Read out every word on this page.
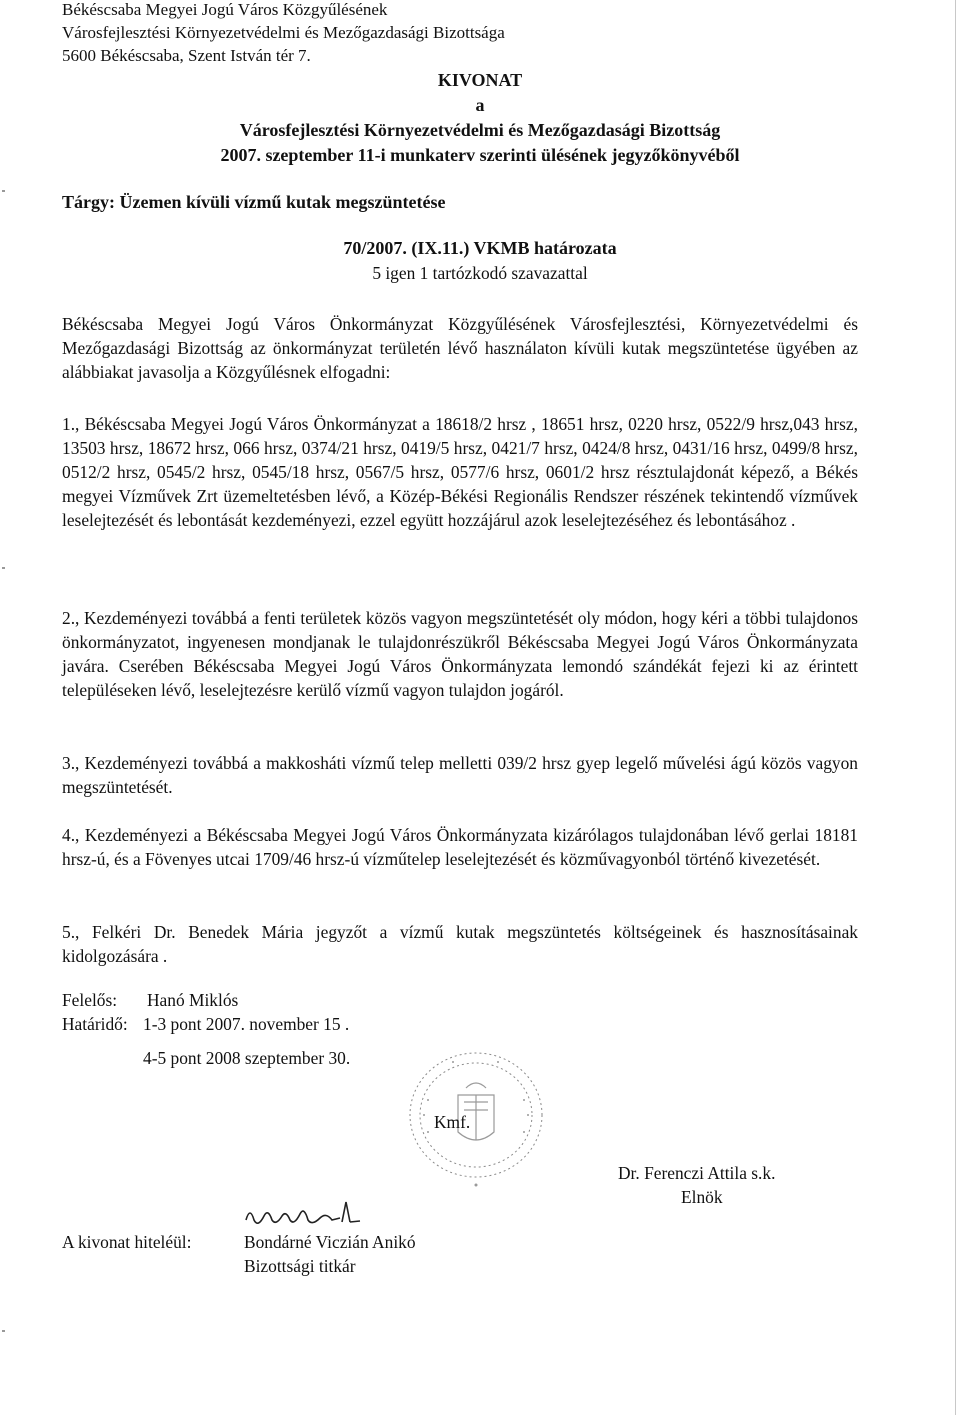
Békéscsaba Megyei Jogú Város Közgyűlésének
Városfejlesztési Környezetvédelmi és Mezőgazdasági Bizottsága
5600 Békéscsaba, Szent István tér 7.
KIVONAT
a
Városfejlesztési Környezetvédelmi és Mezőgazdasági Bizottság
2007. szeptember 11-i munkaterv szerinti ülésének jegyzőkönyvéből
Tárgy: Üzemen kívüli vízmű kutak megszüntetése
70/2007. (IX.11.) VKMB határozata
5 igen 1 tartózkodó szavazattal
Békéscsaba Megyei Jogú Város Önkormányzat Közgyűlésének Városfejlesztési, Környezetvédelmi és Mezőgazdasági Bizottság az önkormányzat területén lévő használaton kívüli kutak megszüntetése ügyében az alábbiakat javasolja a Közgyűlésnek elfogadni:
1., Békéscsaba Megyei Jogú Város Önkormányzat a 18618/2 hrsz , 18651 hrsz, 0220 hrsz, 0522/9 hrsz,043 hrsz, 13503 hrsz, 18672 hrsz, 066 hrsz, 0374/21 hrsz, 0419/5 hrsz, 0421/7 hrsz, 0424/8 hrsz, 0431/16 hrsz, 0499/8 hrsz, 0512/2 hrsz, 0545/2 hrsz, 0545/18 hrsz, 0567/5 hrsz, 0577/6 hrsz, 0601/2 hrsz résztulajdonát képező, a Békés megyei Vízművek Zrt üzemeltetésben lévő, a Közép-Békési Regionális Rendszer részének tekintendő vízművek leselejtezését és lebontását kezdeményezi, ezzel együtt hozzájárul azok leselejtezéséhez és lebontásához .
2., Kezdeményezi továbbá a fenti területek közös vagyon megszüntetését oly módon, hogy kéri a többi tulajdonos önkormányzatot, ingyenesen mondjanak le tulajdonrészükről Békéscsaba Megyei Jogú Város Önkormányzata javára. Cserében Békéscsaba Megyei Jogú Város Önkormányzata lemondó szándékát fejezi ki az érintett településeken lévő, leselejtezésre kerülő vízmű vagyon tulajdon jogáról.
3., Kezdeményezi továbbá a makkosháti vízmű telep melletti 039/2 hrsz gyep legelő művelési ágú közös vagyon megszüntetését.
4., Kezdeményezi a Békéscsaba Megyei Jogú Város Önkormányzata kizárólagos tulajdonában lévő gerlai 18181 hrsz-ú, és a Fövenyes utcai 1709/46 hrsz-ú vízműtelep leselejtezését és közművagyonból történő kivezetését.
5., Felkéri Dr. Benedek Mária jegyzőt a vízmű kutak megszüntetés költségeinek és hasznosításainak kidolgozására .
Felelős: Hanó Miklós
Határidő: 1-3 pont 2007. november 15 .
4-5 pont 2008 szeptember 30.
Kmf.
Dr. Ferenczi Attila s.k.
Elnök
A kivonat hiteléül:	Bondárné Viczián Anikó
Bizottsági titkár
